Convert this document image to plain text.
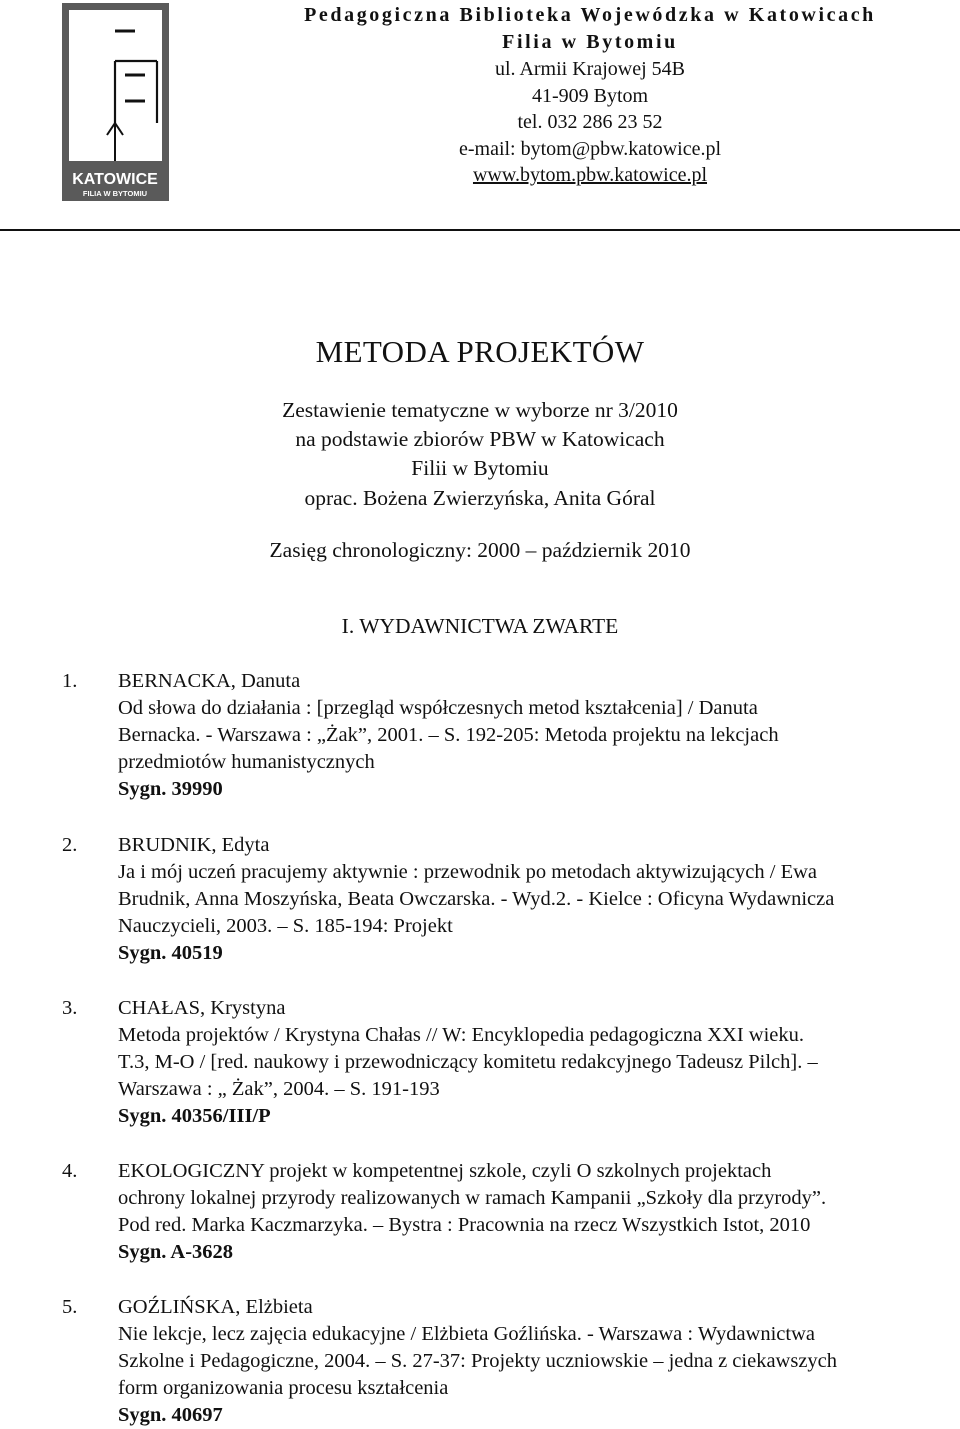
KATOWICE
FILIA W BYTOMIU
Pedagogiczna Biblioteka Wojewódzka w Katowicach
Filia w Bytomiu
ul. Armii Krajowej 54B
41-909 Bytom
tel. 032 286 23 52
e-mail: bytom@pbw.katowice.pl
www.bytom.pbw.katowice.pl
METODA PROJEKTÓW
Zestawienie tematyczne w wyborze nr 3/2010
na podstawie zbiorów PBW w Katowicach
Filii w Bytomiu
oprac. Bożena Zwierzyńska, Anita Góral
Zasięg chronologiczny: 2000 – październik 2010
I. WYDAWNICTWA ZWARTE
1. BERNACKA, Danuta
Od słowa do działania : [przegląd współczesnych metod kształcenia] / Danuta
Bernacka. - Warszawa : „Żak”, 2001. – S. 192-205: Metoda projektu na lekcjach
przedmiotów humanistycznych
Sygn. 39990
2. BRUDNIK, Edyta
Ja i mój uczeń pracujemy aktywnie : przewodnik po metodach aktywizujących / Ewa
Brudnik, Anna Moszyńska, Beata Owczarska. - Wyd.2. - Kielce : Oficyna Wydawnicza
Nauczycieli, 2003. – S. 185-194: Projekt
Sygn. 40519
3. CHAŁAS, Krystyna
Metoda projektów / Krystyna Chałas // W: Encyklopedia pedagogiczna XXI wieku.
T.3, M-O / [red. naukowy i przewodniczący komitetu redakcyjnego Tadeusz Pilch]. –
Warszawa : „ Żak”, 2004. – S. 191-193
Sygn. 40356/III/P
4. EKOLOGICZNY projekt w kompetentnej szkole, czyli O szkolnych projektach
ochrony lokalnej przyrody realizowanych w ramach Kampanii „Szkoły dla przyrody”.
Pod red. Marka Kaczmarzyka. – Bystra : Pracownia na rzecz Wszystkich Istot, 2010
Sygn. A-3628
5. GOŹLIŃSKA, Elżbieta
Nie lekcje, lecz zajęcia edukacyjne / Elżbieta Goźlińska. - Warszawa : Wydawnictwa
Szkolne i Pedagogiczne, 2004. – S. 27-37: Projekty uczniowskie – jedna z ciekawszych
form organizowania procesu kształcenia
Sygn. 40697
